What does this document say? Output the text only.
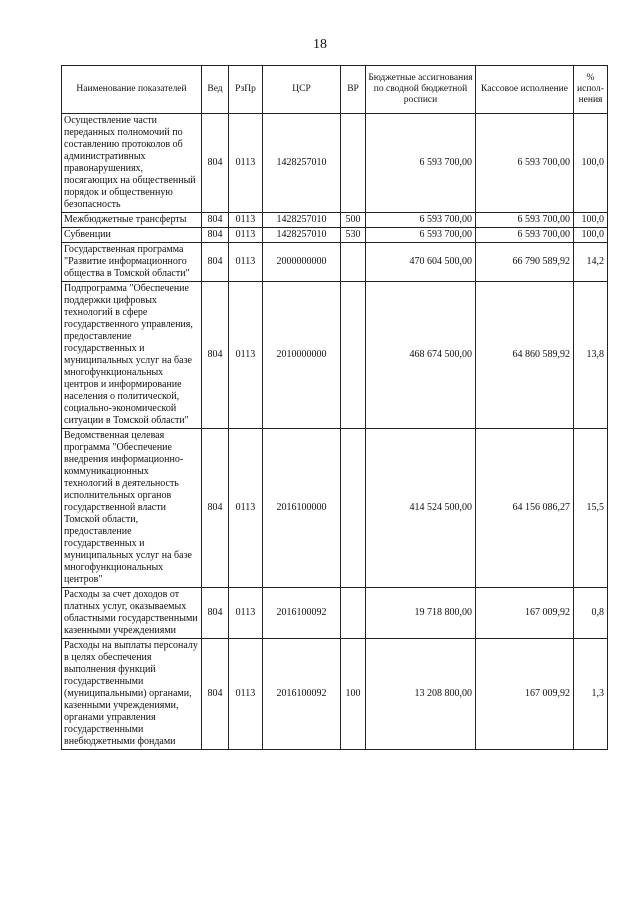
18
Наименование показателей	Вед	РзПр	ЦСР	ВР	Бюджетные ассигнования по сводной бюджетной росписи	Кассовое исполнение	% испол-нения
Осуществление части переданных полномочий по составлению протоколов об административных правонарушениях, посягающих на общественный порядок и общественную безопасность	804	0113	1428257010		6 593 700,00	6 593 700,00	100,0
Межбюджетные трансферты	804	0113	1428257010	500	6 593 700,00	6 593 700,00	100,0
Субвенции	804	0113	1428257010	530	6 593 700,00	6 593 700,00	100,0
Государственная программа "Развитие информационного общества в Томской области"	804	0113	2000000000		470 604 500,00	66 790 589,92	14,2
Подпрограмма "Обеспечение поддержки цифровых технологий в сфере государственного управления, предоставление государственных и муниципальных услуг на базе многофункциональных центров и информирование населения о политической, социально-экономической ситуации в Томской области"	804	0113	2010000000		468 674 500,00	64 860 589,92	13,8
Ведомственная целевая программа "Обеспечение внедрения информационно-коммуникационных технологий в деятельность исполнительных органов государственной власти Томской области, предоставление государственных и муниципальных услуг на базе многофункциональных центров"	804	0113	2016100000		414 524 500,00	64 156 086,27	15,5
Расходы за счет доходов от платных услуг, оказываемых областными государственными казенными учреждениями	804	0113	2016100092		19 718 800,00	167 009,92	0,8
Расходы на выплаты персоналу в целях обеспечения выполнения функций государственными (муниципальными) органами, казенными учреждениями, органами управления государственными внебюджетными фондами	804	0113	2016100092	100	13 208 800,00	167 009,92	1,3
